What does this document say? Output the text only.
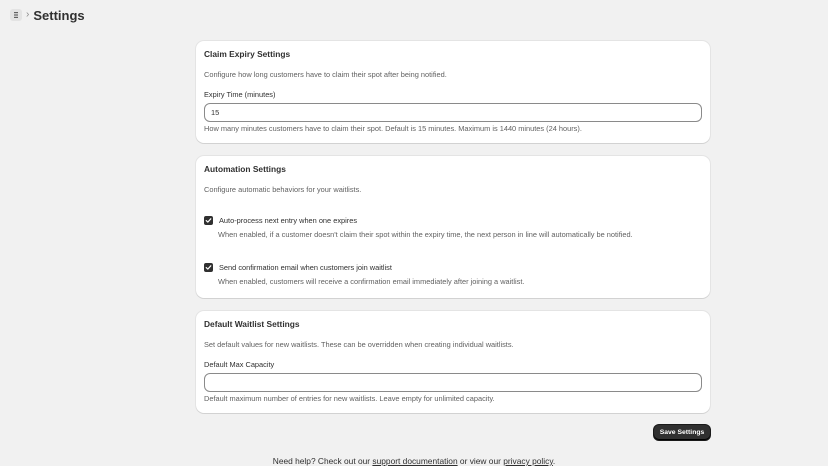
› Settings
Claim Expiry Settings
Configure how long customers have to claim their spot after being notified.
Expiry Time (minutes)
15
How many minutes customers have to claim their spot. Default is 15 minutes. Maximum is 1440 minutes (24 hours).
Automation Settings
Configure automatic behaviors for your waitlists.
Auto-process next entry when one expires
When enabled, if a customer doesn't claim their spot within the expiry time, the next person in line will automatically be notified.
Send confirmation email when customers join waitlist
When enabled, customers will receive a confirmation email immediately after joining a waitlist.
Default Waitlist Settings
Set default values for new waitlists. These can be overridden when creating individual waitlists.
Default Max Capacity
Default maximum number of entries for new waitlists. Leave empty for unlimited capacity.
Save Settings
Need help? Check out our support documentation or view our privacy policy.
